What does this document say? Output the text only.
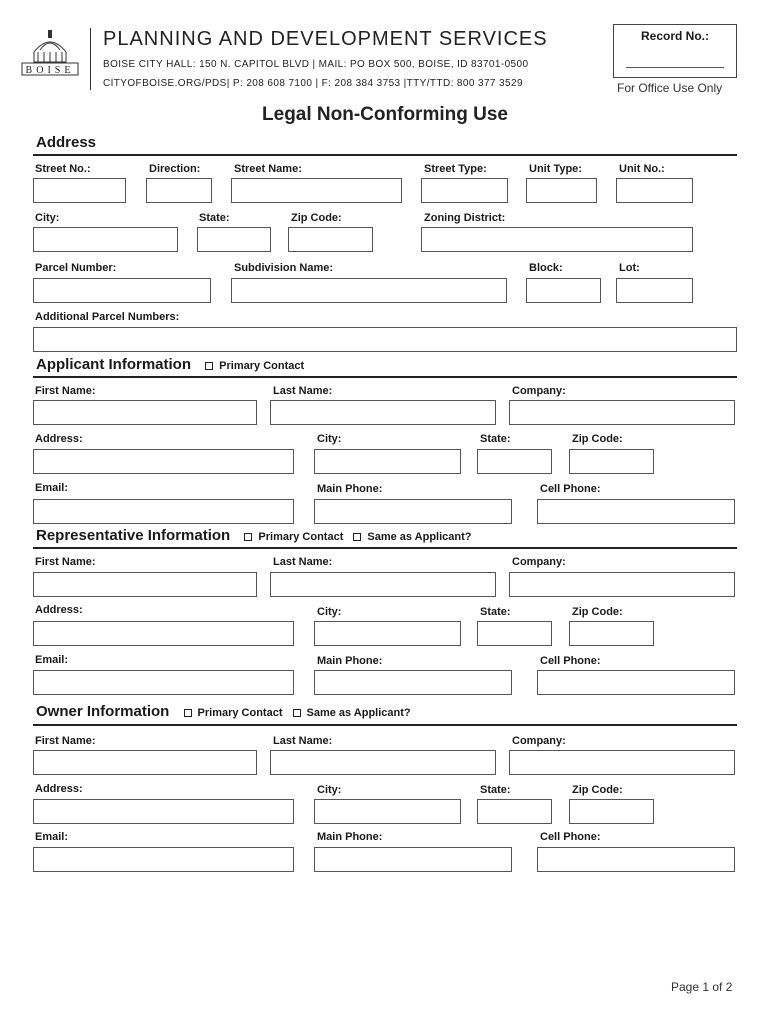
BOISE
PLANNING AND DEVELOPMENT SERVICES
BOISE CITY HALL: 150 N. CAPITOL BLVD | MAIL: PO BOX 500, BOISE, ID 83701-0500
CITYOFBOISE.ORG/PDS| P: 208 608 7100 | F: 208 384 3753 |TTY/TTD: 800 377 3529
Record No.:
For Office Use Only
Legal Non-Conforming Use
Address
Street No.:	Direction:	Street Name:	Street Type:	Unit Type:	Unit No.:
City:	State:	Zip Code:	Zoning District:
Parcel Number:	Subdivision Name:	Block:	Lot:
Additional Parcel Numbers:
Applicant Information	Primary Contact
First Name:	Last Name:	Company:
Address:	City:	State:	Zip Code:
Email:	Main Phone:	Cell Phone:
Representative Information	Primary Contact Same as Applicant?
First Name:	Last Name:	Company:
Address:	City:	State:	Zip Code:
Email:	Main Phone:	Cell Phone:
Owner Information	Primary Contact Same as Applicant?
First Name:	Last Name:	Company:
Address:	City:	State:	Zip Code:
Email:	Main Phone:	Cell Phone:
Page 1 of 2
